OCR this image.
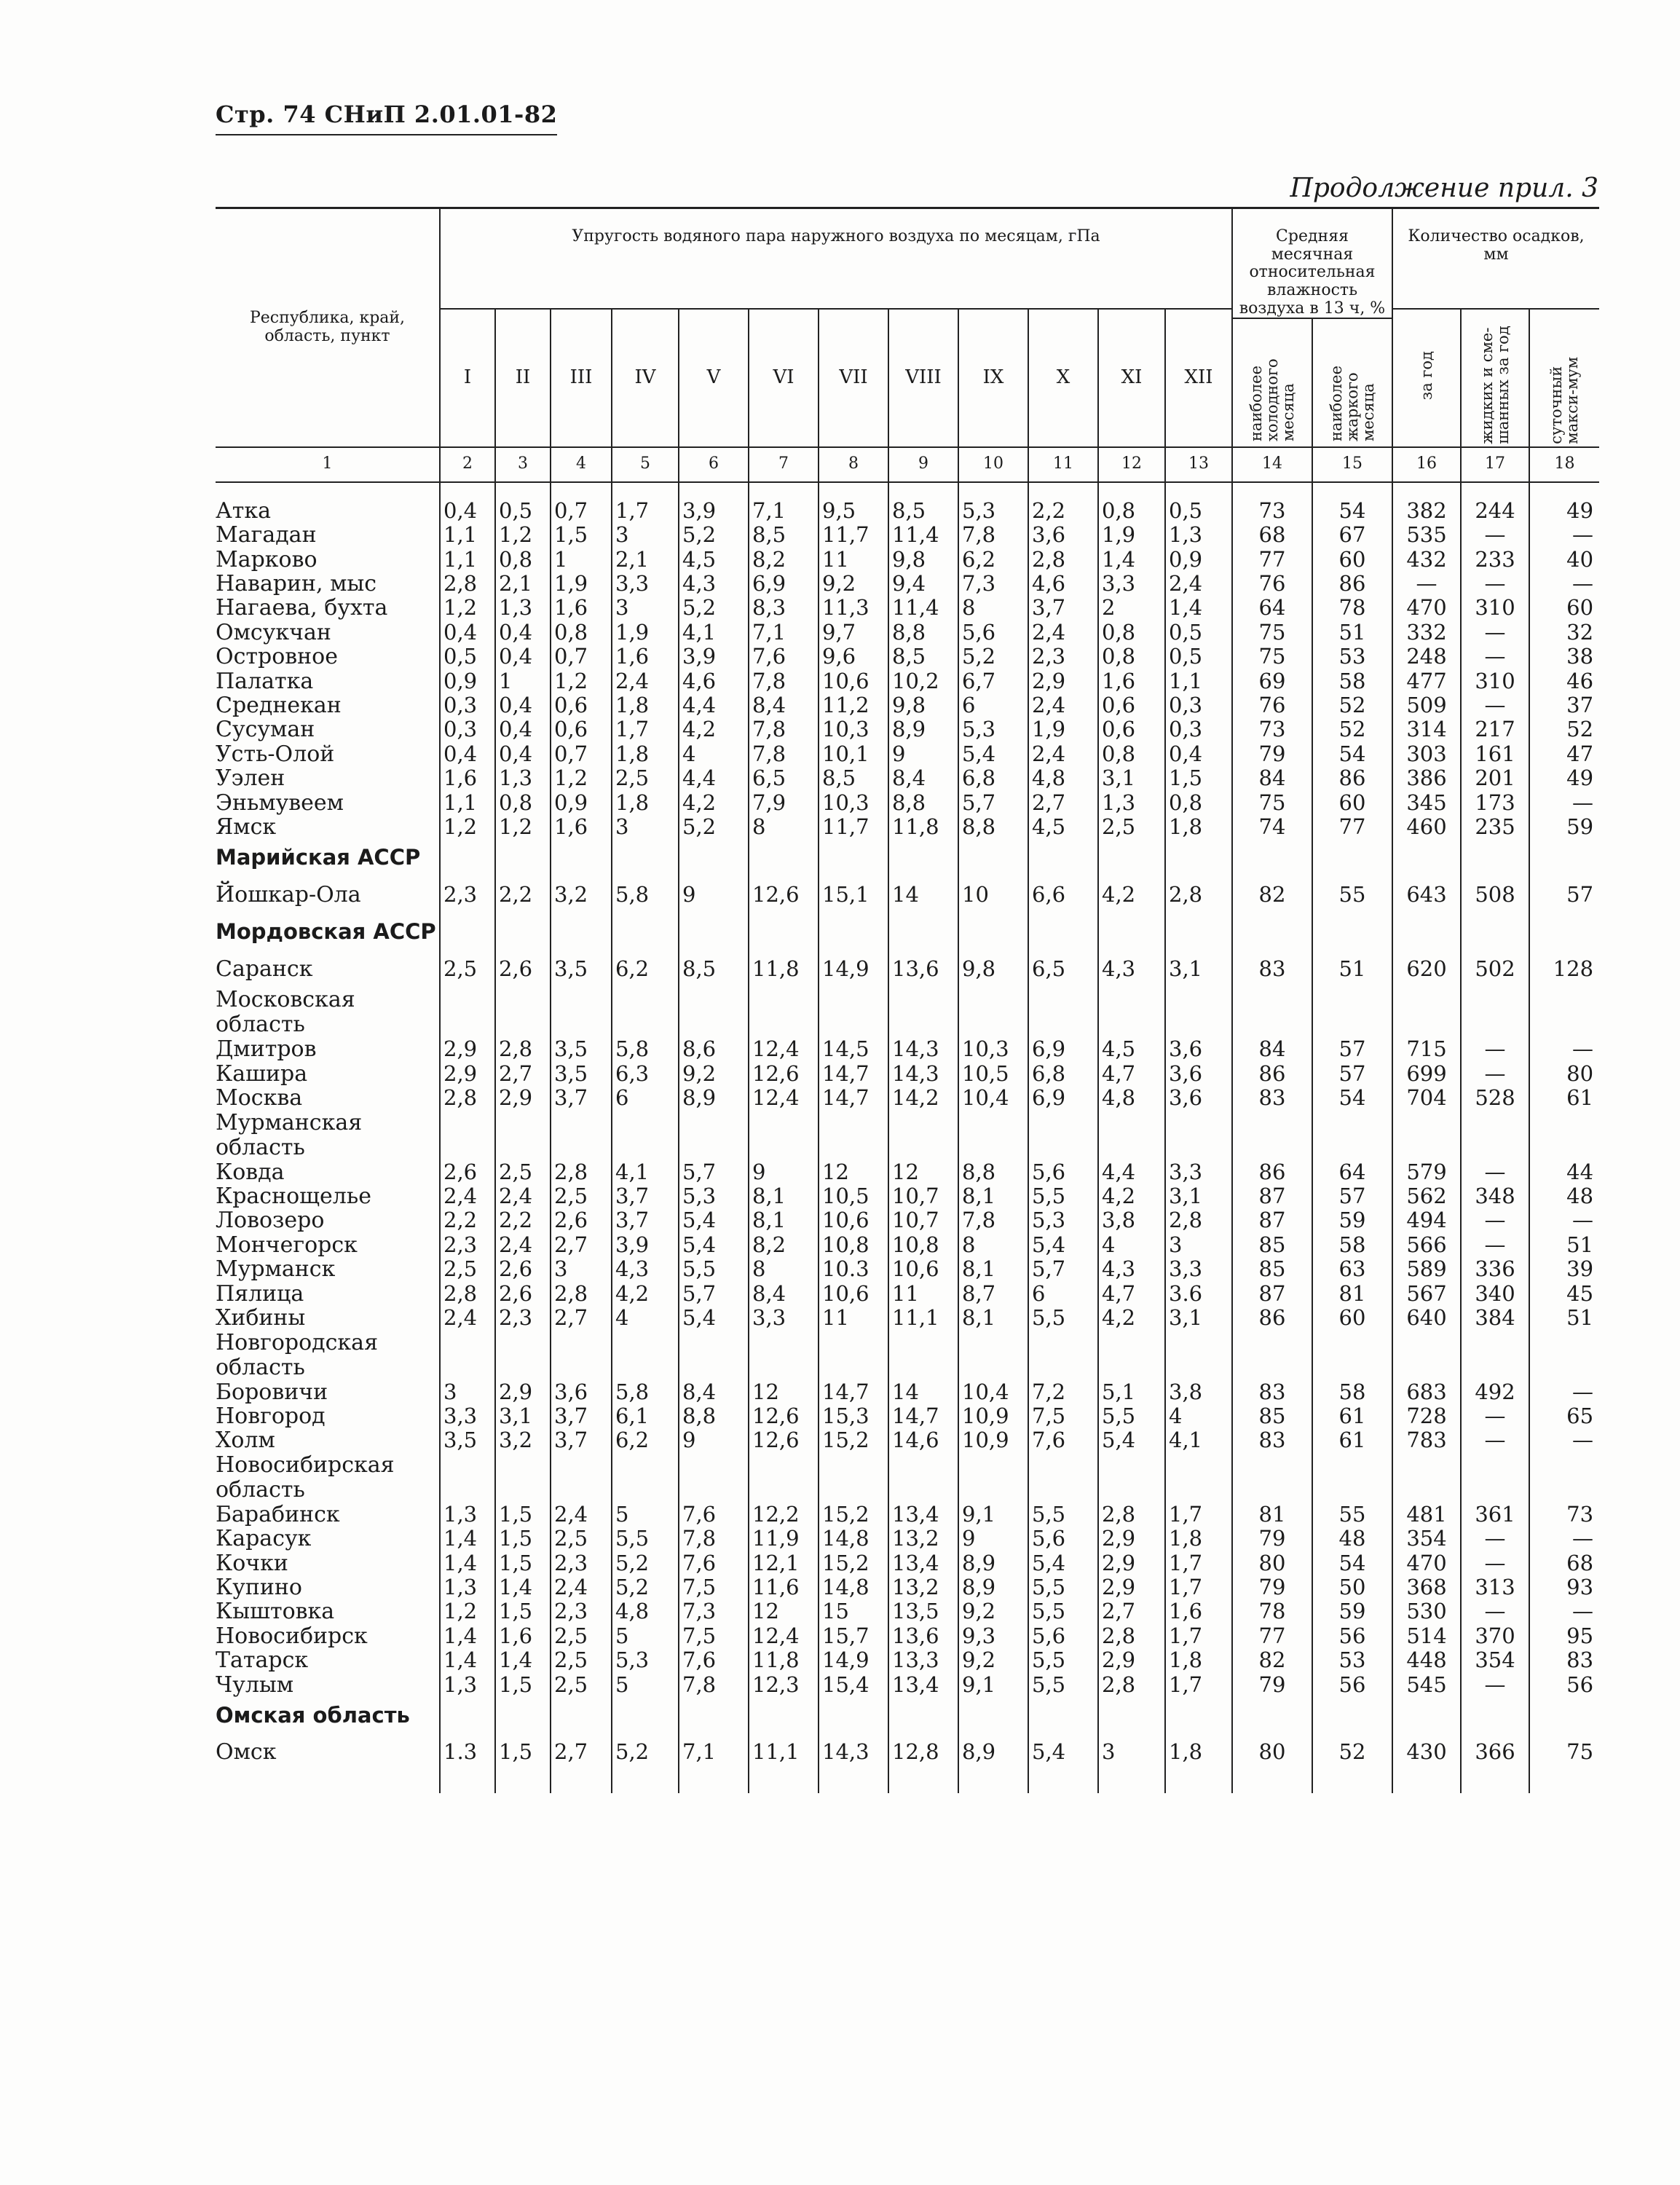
Стр. 74 СНиП 2.01.01-82
Продолжение прил. 3
Республика, край, область, пункт	Упругость водяного пара наружного воздуха по месяцам, гПа												Средняя месячная относительная влажность воздуха в 13 ч, %		Количество осадков, мм		
	I	II	III	IV	V	VI	VII	VIII	IX	X	XI	XII			за год	жидких и сме-шанных за год	суточный макси-мум
													наиболее холодного месяца	наиболее жаркого месяца			
1	2	3	4	5	6	7	8	9	10	11	12	13	14	15	16	17	18

Атка	0,4	0,5	0,7	1,7	3,9	7,1	9,5	8,5	5,3	2,2	0,8	0,5	73	54	382	244	49
Магадан	1,1	1,2	1,5	3	5,2	8,5	11,7	11,4	7,8	3,6	1,9	1,3	68	67	535	—	—
Марково	1,1	0,8	1	2,1	4,5	8,2	11	9,8	6,2	2,8	1,4	0,9	77	60	432	233	40
Наварин, мыс	2,8	2,1	1,9	3,3	4,3	6,9	9,2	9,4	7,3	4,6	3,3	2,4	76	86	—	—	—
Нагаева, бухта	1,2	1,3	1,6	3	5,2	8,3	11,3	11,4	8	3,7	2	1,4	64	78	470	310	60
Омсукчан	0,4	0,4	0,8	1,9	4,1	7,1	9,7	8,8	5,6	2,4	0,8	0,5	75	51	332	—	32
Островное	0,5	0,4	0,7	1,6	3,9	7,6	9,6	8,5	5,2	2,3	0,8	0,5	75	53	248	—	38
Палатка	0,9	1	1,2	2,4	4,6	7,8	10,6	10,2	6,7	2,9	1,6	1,1	69	58	477	310	46
Среднекан	0,3	0,4	0,6	1,8	4,4	8,4	11,2	9,8	6	2,4	0,6	0,3	76	52	509	—	37
Сусуман	0,3	0,4	0,6	1,7	4,2	7,8	10,3	8,9	5,3	1,9	0,6	0,3	73	52	314	217	52
Усть-Олой	0,4	0,4	0,7	1,8	4	7,8	10,1	9	5,4	2,4	0,8	0,4	79	54	303	161	47
Уэлен	1,6	1,3	1,2	2,5	4,4	6,5	8,5	8,4	6,8	4,8	3,1	1,5	84	86	386	201	49
Эньмувеем	1,1	0,8	0,9	1,8	4,2	7,9	10,3	8,8	5,7	2,7	1,3	0,8	75	60	345	173	—
Ямск	1,2	1,2	1,6	3	5,2	8	11,7	11,8	8,8	4,5	2,5	1,8	74	77	460	235	59
Марийская АССР																	
Йошкар-Ола	2,3	2,2	3,2	5,8	9	12,6	15,1	14	10	6,6	4,2	2,8	82	55	643	508	57
Мордовская АССР																	
Саранск	2,5	2,6	3,5	6,2	8,5	11,8	14,9	13,6	9,8	6,5	4,3	3,1	83	51	620	502	128
Московская																	
область																	
Дмитров	2,9	2,8	3,5	5,8	8,6	12,4	14,5	14,3	10,3	6,9	4,5	3,6	84	57	715	—	—
Кашира	2,9	2,7	3,5	6,3	9,2	12,6	14,7	14,3	10,5	6,8	4,7	3,6	86	57	699	—	80
Москва	2,8	2,9	3,7	6	8,9	12,4	14,7	14,2	10,4	6,9	4,8	3,6	83	54	704	528	61
Мурманская																	
область																	
Ковда	2,6	2,5	2,8	4,1	5,7	9	12	12	8,8	5,6	4,4	3,3	86	64	579	—	44
Краснощелье	2,4	2,4	2,5	3,7	5,3	8,1	10,5	10,7	8,1	5,5	4,2	3,1	87	57	562	348	48
Ловозеро	2,2	2,2	2,6	3,7	5,4	8,1	10,6	10,7	7,8	5,3	3,8	2,8	87	59	494	—	—
Мончегорск	2,3	2,4	2,7	3,9	5,4	8,2	10,8	10,8	8	5,4	4	3	85	58	566	—	51
Мурманск	2,5	2,6	3	4,3	5,5	8	10.3	10,6	8,1	5,7	4,3	3,3	85	63	589	336	39
Пялица	2,8	2,6	2,8	4,2	5,7	8,4	10,6	11	8,7	6	4,7	3.6	87	81	567	340	45
Хибины	2,4	2,3	2,7	4	5,4	3,3	11	11,1	8,1	5,5	4,2	3,1	86	60	640	384	51
Новгородская																	
область																	
Боровичи	3	2,9	3,6	5,8	8,4	12	14,7	14	10,4	7,2	5,1	3,8	83	58	683	492	—
Новгород	3,3	3,1	3,7	6,1	8,8	12,6	15,3	14,7	10,9	7,5	5,5	4	85	61	728	—	65
Холм	3,5	3,2	3,7	6,2	9	12,6	15,2	14,6	10,9	7,6	5,4	4,1	83	61	783	—	—
Новосибирская																	
область																	
Барабинск	1,3	1,5	2,4	5	7,6	12,2	15,2	13,4	9,1	5,5	2,8	1,7	81	55	481	361	73
Карасук	1,4	1,5	2,5	5,5	7,8	11,9	14,8	13,2	9	5,6	2,9	1,8	79	48	354	—	—
Кочки	1,4	1,5	2,3	5,2	7,6	12,1	15,2	13,4	8,9	5,4	2,9	1,7	80	54	470	—	68
Купино	1,3	1,4	2,4	5,2	7,5	11,6	14,8	13,2	8,9	5,5	2,9	1,7	79	50	368	313	93
Кыштовка	1,2	1,5	2,3	4,8	7,3	12	15	13,5	9,2	5,5	2,7	1,6	78	59	530	—	—
Новосибирск	1,4	1,6	2,5	5	7,5	12,4	15,7	13,6	9,3	5,6	2,8	1,7	77	56	514	370	95
Татарск	1,4	1,4	2,5	5,3	7,6	11,8	14,9	13,3	9,2	5,5	2,9	1,8	82	53	448	354	83
Чулым	1,3	1,5	2,5	5	7,8	12,3	15,4	13,4	9,1	5,5	2,8	1,7	79	56	545	—	56
Омская область																	
Омск	1.3	1,5	2,7	5,2	7,1	11,1	14,3	12,8	8,9	5,4	3	1,8	80	52	430	366	75
